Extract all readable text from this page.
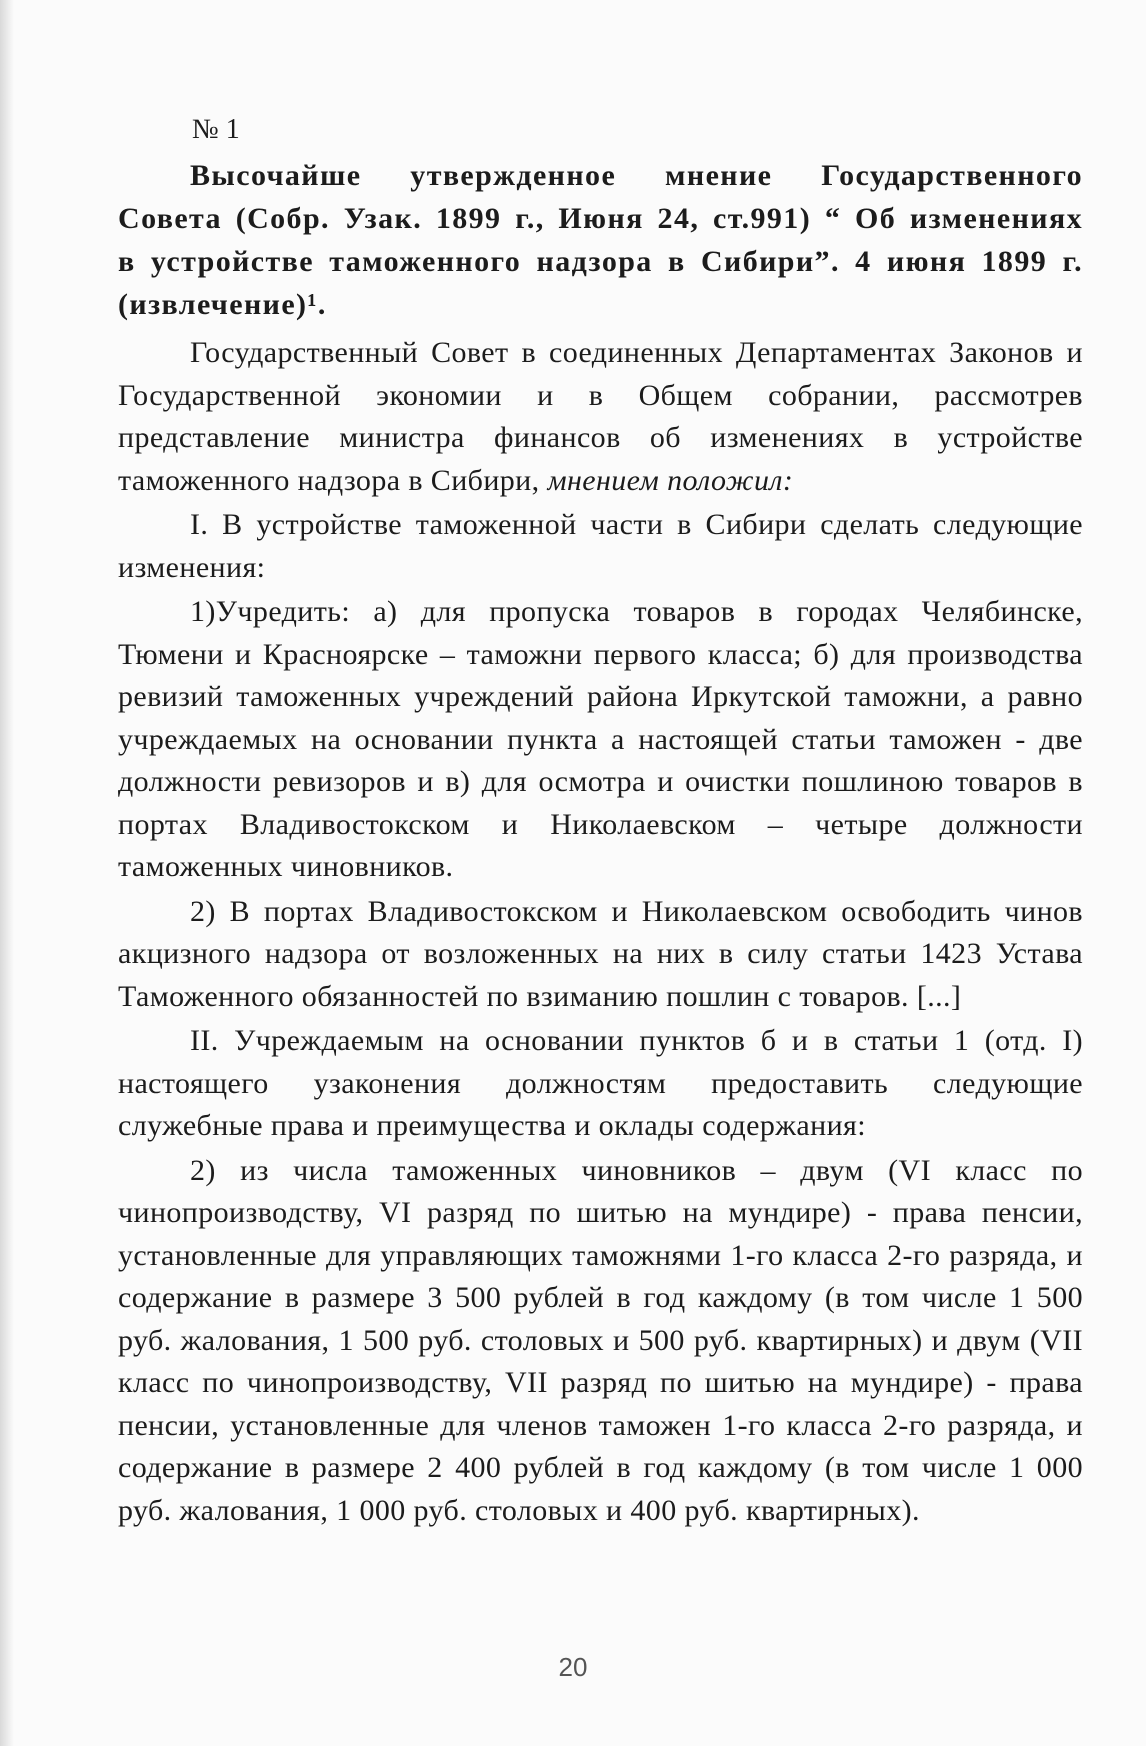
№ 1

Высочайше утвержденное мнение Государственного Совета (Собр. Узак. 1899 г., Июня 24, ст.991) “ Об изменениях в устройстве таможенного надзора в Сибири”. 4 июня 1899 г. (извлечение)¹.

Государственный Совет в соединенных Департаментах Законов и Государственной экономии и в Общем собрании, рассмотрев представление министра финансов об изменениях в устройстве таможенного надзора в Сибири, мнением положил:

I. В устройстве таможенной части в Сибири сделать следующие изменения:

1)Учредить: а) для пропуска товаров в городах Челябинске, Тюмени и Красноярске – таможни первого класса; б) для производства ревизий таможенных учреждений района Иркутской таможни, а равно учреждаемых на основании пункта а настоящей статьи таможен - две должности ревизоров и в) для осмотра и очистки пошлиною товаров в портах Владивостокском и Николаевском – четыре должности таможенных чиновников.

2) В портах Владивостокском и Николаевском освободить чинов акцизного надзора от возложенных на них в силу статьи 1423 Устава Таможенного обязанностей по взиманию пошлин с товаров. [...]

II. Учреждаемым на основании пунктов б и в статьи 1 (отд. I) настоящего узаконения должностям предоставить следующие служебные права и преимущества и оклады содержания:

2) из числа таможенных чиновников – двум (VI класс по чинопроизводству, VI разряд по шитью на мундире) - права пенсии, установленные для управляющих таможнями 1-го класса 2-го разряда, и содержание в размере 3 500 рублей в год каждому (в том числе 1 500 руб. жалования, 1 500 руб. столовых и 500 руб. квартирных) и двум (VII класс по чинопроизводству, VII разряд по шитью на мундире) - права пенсии, установленные для членов таможен 1-го класса 2-го разряда, и содержание в размере 2 400 рублей в год каждому (в том числе 1 000 руб. жалования, 1 000 руб. столовых и 400 руб. квартирных).

20
